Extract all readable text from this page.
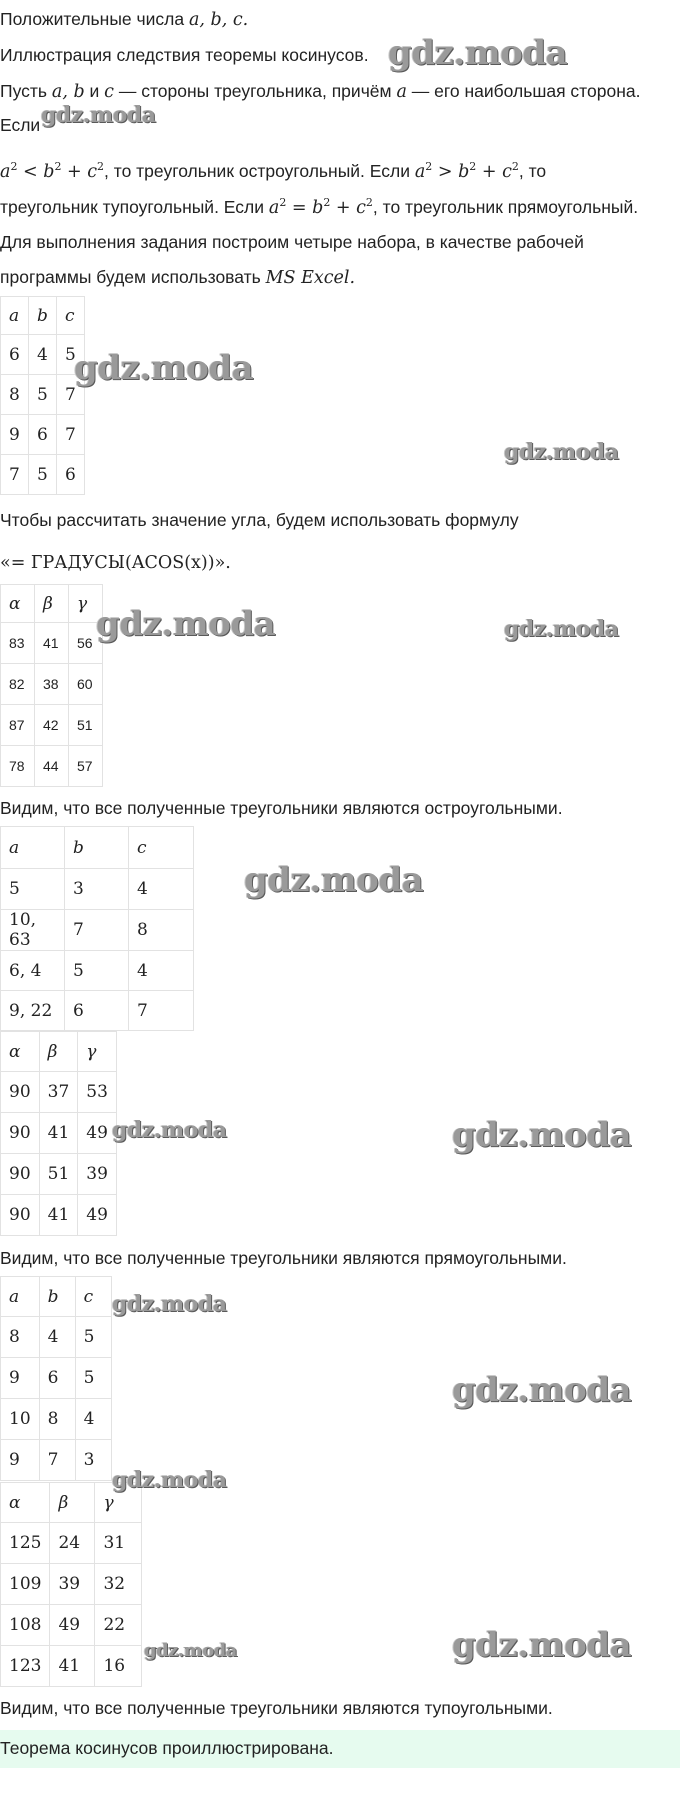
Положительные числа a, b, c.
Иллюстрация следствия теоремы косинусов.
Пусть a, b и c — стороны треугольника, причём a — его наибольшая сторона.
Если
$a^2 < b^2 + c^2$, то треугольник остроугольный. Если $a^2 > b^2 + c^2$, то
треугольник тупоугольный. Если $a^2 = b^2 + c^2$, то треугольник прямоугольный.
Для выполнения задания построим четыре набора, в качестве рабочей
программы будем использовать MS Excel.
a	b	c
6	4	5
8	5	7
9	6	7
7	5	6
Чтобы рассчитать значение угла, будем использовать формулу
«= ГРАДУСЫ(ACOS(x))».
α	β	γ
83	41	56
82	38	60
87	42	51
78	44	57
Видим, что все полученные треугольники являются остроугольными.
a	b	c
5	3	4
10, 63	7	8
6, 4	5	4
9, 22	6	7
α	β	γ
90	37	53
90	41	49
90	51	39
90	41	49
Видим, что все полученные треугольники являются прямоугольными.
a	b	c
8	4	5
9	6	5
10	8	4
9	7	3
α	β	γ
125	24	31
109	39	32
108	49	22
123	41	16
Видим, что все полученные треугольники являются тупоугольными.
Теорема косинусов проиллюстрирована.
gdz.moda
gdz.moda
gdz.moda
gdz.moda
gdz.moda	gdz.moda
gdz.moda
gdz.moda	gdz.moda
gdz.moda
gdz.moda
gdz.moda
gdz.moda	gdz.moda
